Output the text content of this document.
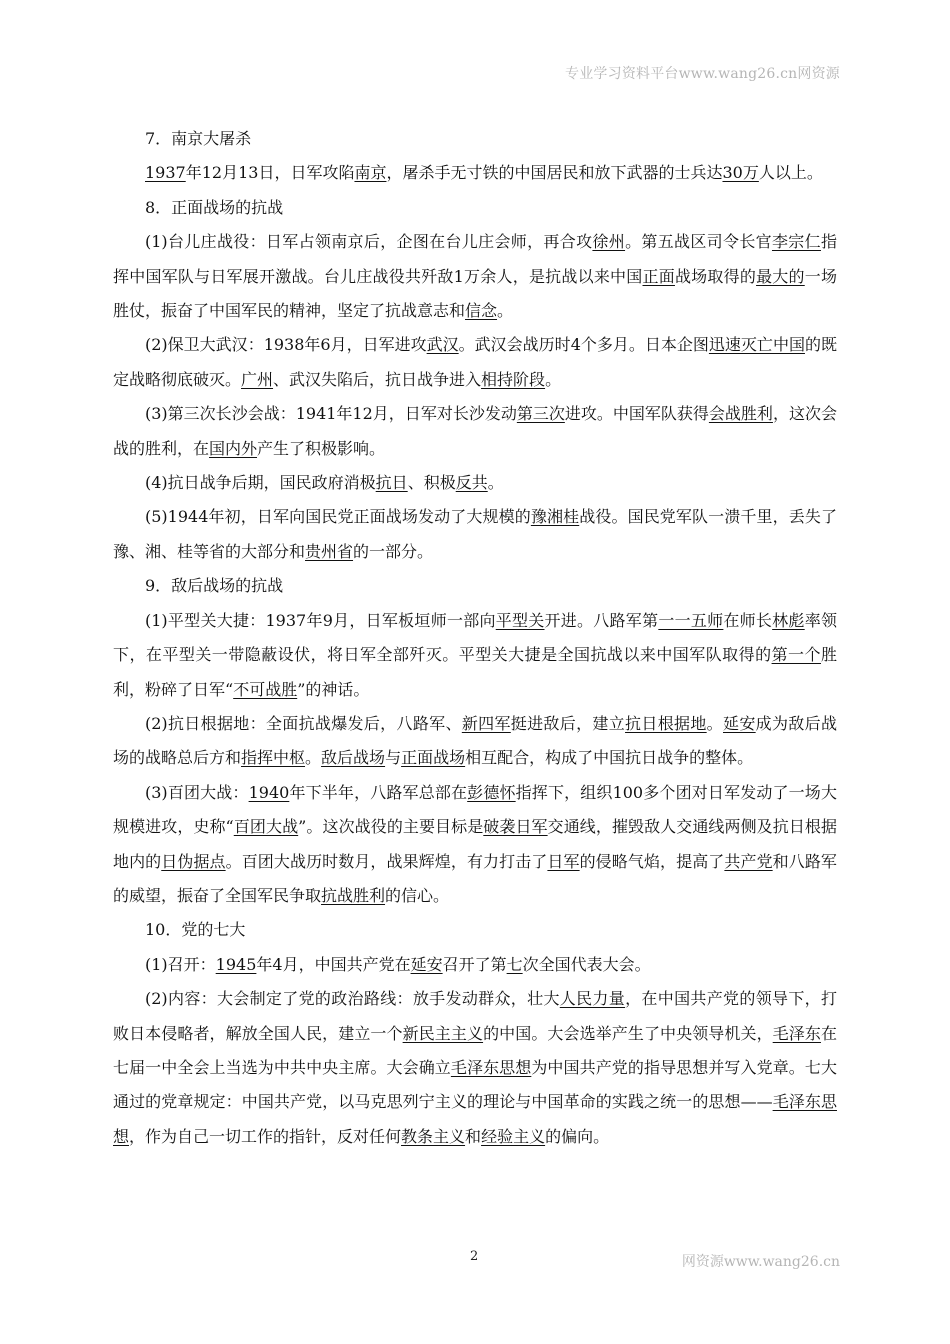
专业学习资料平台www.wang26.cn网资源

7．南京大屠杀

1937年12月13日，日军攻陷南京，屠杀手无寸铁的中国居民和放下武器的士兵达30万人以上。

8．正面战场的抗战

(1)台儿庄战役：日军占领南京后，企图在台儿庄会师，再合攻徐州。第五战区司令长官李宗仁指挥中国军队与日军展开激战。台儿庄战役共歼敌1万余人，是抗战以来中国正面战场取得的最大的一场胜仗，振奋了中国军民的精神，坚定了抗战意志和信念。

(2)保卫大武汉：1938年6月，日军进攻武汉。武汉会战历时4个多月。日本企图迅速灭亡中国的既定战略彻底破灭。广州、武汉失陷后，抗日战争进入相持阶段。

(3)第三次长沙会战：1941年12月，日军对长沙发动第三次进攻。中国军队获得会战胜利，这次会战的胜利，在国内外产生了积极影响。

(4)抗日战争后期，国民政府消极抗日、积极反共。

(5)1944年初，日军向国民党正面战场发动了大规模的豫湘桂战役。国民党军队一溃千里，丢失了豫、湘、桂等省的大部分和贵州省的一部分。

9．敌后战场的抗战

(1)平型关大捷：1937年9月，日军板垣师一部向平型关开进。八路军第一一五师在师长林彪率领下，在平型关一带隐蔽设伏，将日军全部歼灭。平型关大捷是全国抗战以来中国军队取得的第一个胜利，粉碎了日军“不可战胜”的神话。

(2)抗日根据地：全面抗战爆发后，八路军、新四军挺进敌后，建立抗日根据地。延安成为敌后战场的战略总后方和指挥中枢。敌后战场与正面战场相互配合，构成了中国抗日战争的整体。

(3)百团大战：1940年下半年，八路军总部在彭德怀指挥下，组织100多个团对日军发动了一场大规模进攻，史称“百团大战”。这次战役的主要目标是破袭日军交通线，摧毁敌人交通线两侧及抗日根据地内的日伪据点。百团大战历时数月，战果辉煌，有力打击了日军的侵略气焰，提高了共产党和八路军的威望，振奋了全国军民争取抗战胜利的信心。

10．党的七大

(1)召开：1945年4月，中国共产党在延安召开了第七次全国代表大会。

(2)内容：大会制定了党的政治路线：放手发动群众，壮大人民力量，在中国共产党的领导下，打败日本侵略者，解放全国人民，建立一个新民主主义的中国。大会选举产生了中央领导机关，毛泽东在七届一中全会上当选为中共中央主席。大会确立毛泽东思想为中国共产党的指导思想并写入党章。七大通过的党章规定：中国共产党，以马克思列宁主义的理论与中国革命的实践之统一的思想——毛泽东思想，作为自己一切工作的指针，反对任何教条主义和经验主义的偏向。

2	网资源www.wang26.cn
